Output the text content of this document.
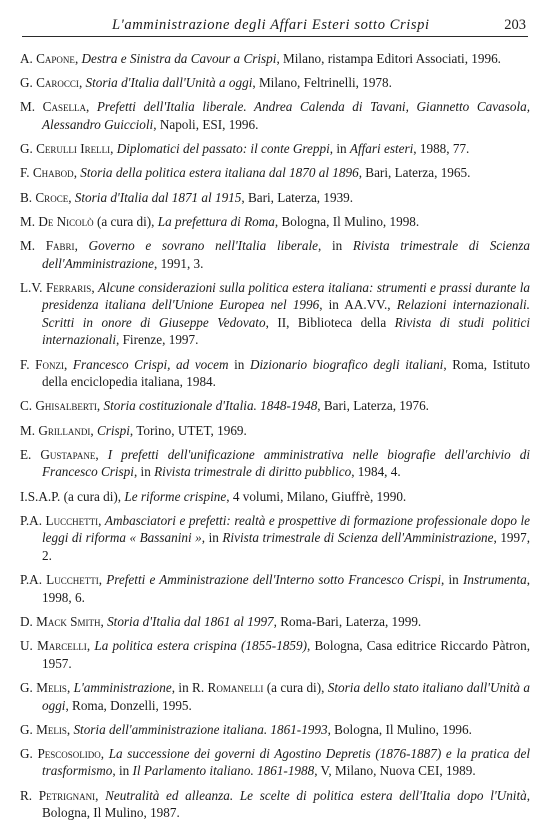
L'amministrazione degli Affari Esteri sotto Crispi	203

A. Capone, Destra e Sinistra da Cavour a Crispi, Milano, ristampa Editori Associati, 1996.

G. Carocci, Storia d'Italia dall'Unità a oggi, Milano, Feltrinelli, 1978.

M. Casella, Prefetti dell'Italia liberale. Andrea Calenda di Tavani, Giannetto Cavasola, Alessandro Guiccioli, Napoli, ESI, 1996.

G. Cerulli Irelli, Diplomatici del passato: il conte Greppi, in Affari esteri, 1988, 77.

F. Chabod, Storia della politica estera italiana dal 1870 al 1896, Bari, Laterza, 1965.

B. Croce, Storia d'Italia dal 1871 al 1915, Bari, Laterza, 1939.

M. De Nicolò (a cura di), La prefettura di Roma, Bologna, Il Mulino, 1998.

M. Fabri, Governo e sovrano nell'Italia liberale, in Rivista trimestrale di Scienza dell'Amministrazione, 1991, 3.

L.V. Ferraris, Alcune considerazioni sulla politica estera italiana: strumenti e prassi durante la presidenza italiana dell'Unione Europea nel 1996, in AA.VV., Relazioni internazionali. Scritti in onore di Giuseppe Vedovato, II, Biblioteca della Rivista di studi politici internazionali, Firenze, 1997.

F. Fonzi, Francesco Crispi, ad vocem in Dizionario biografico degli italiani, Roma, Istituto della enciclopedia italiana, 1984.

C. Ghisalberti, Storia costituzionale d'Italia. 1848-1948, Bari, Laterza, 1976.

M. Grillandi, Crispi, Torino, UTET, 1969.

E. Gustapane, I prefetti dell'unificazione amministrativa nelle biografie dell'archivio di Francesco Crispi, in Rivista trimestrale di diritto pubblico, 1984, 4.

I.S.A.P. (a cura di), Le riforme crispine, 4 volumi, Milano, Giuffrè, 1990.

P.A. Lucchetti, Ambasciatori e prefetti: realtà e prospettive di formazione professionale dopo le leggi di riforma « Bassanini », in Rivista trimestrale di Scienza dell'Amministrazione, 1997, 2.

P.A. Lucchetti, Prefetti e Amministrazione dell'Interno sotto Francesco Crispi, in Instrumenta, 1998, 6.

D. Mack Smith, Storia d'Italia dal 1861 al 1997, Roma-Bari, Laterza, 1999.

U. Marcelli, La politica estera crispina (1855-1859), Bologna, Casa editrice Riccardo Pàtron, 1957.

G. Melis, L'amministrazione, in R. Romanelli (a cura di), Storia dello stato italiano dall'Unità a oggi, Roma, Donzelli, 1995.

G. Melis, Storia dell'amministrazione italiana. 1861-1993, Bologna, Il Mulino, 1996.

G. Pescosolido, La successione dei governi di Agostino Depretis (1876-1887) e la pratica del trasformismo, in Il Parlamento italiano. 1861-1988, V, Milano, Nuova CEI, 1989.

R. Petrignani, Neutralità ed alleanza. Le scelte di politica estera dell'Italia dopo l'Unità, Bologna, Il Mulino, 1987.
